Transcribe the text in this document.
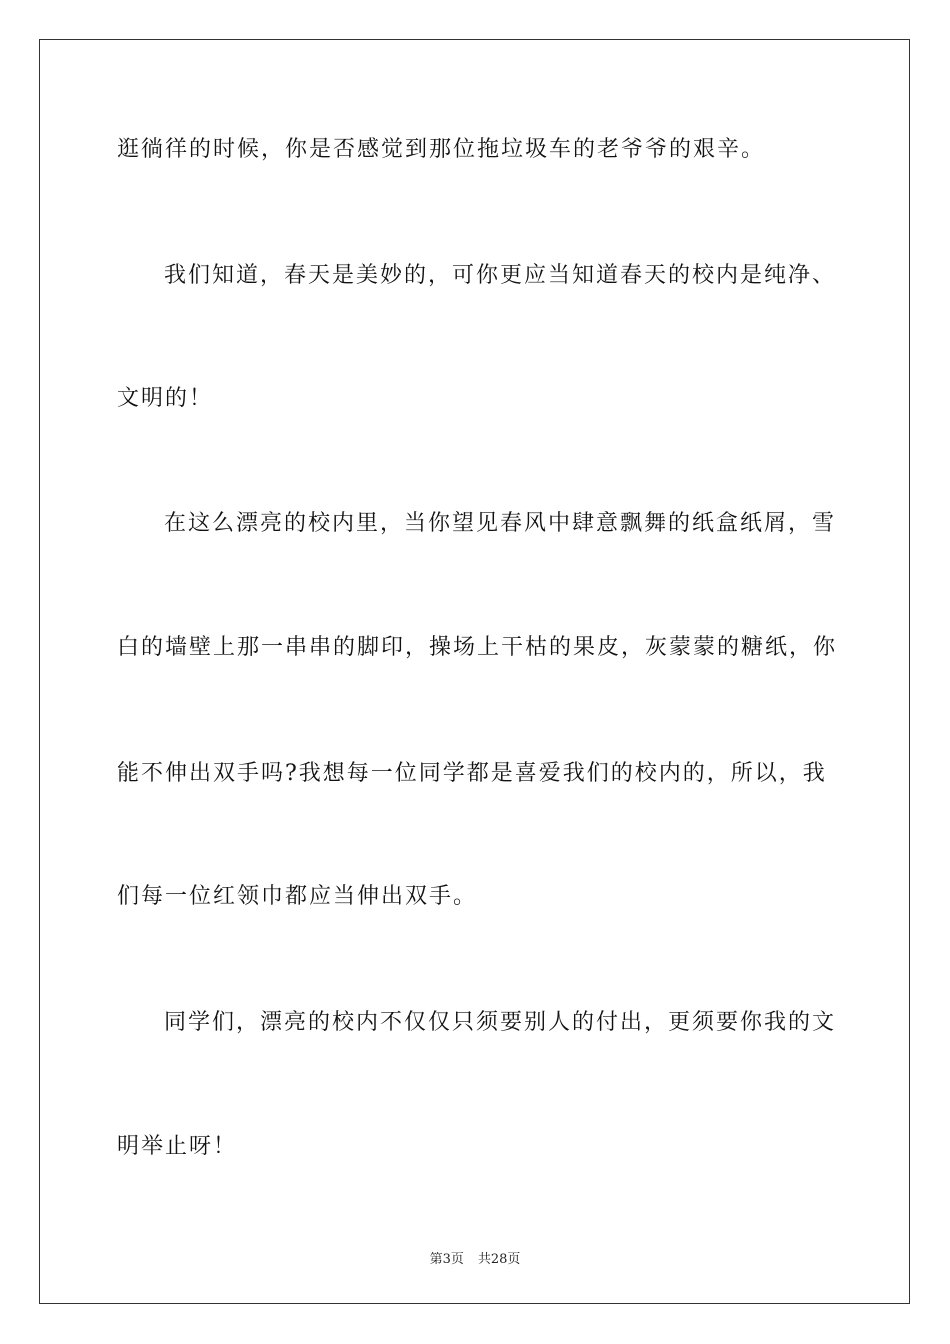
逛徜徉的时候，你是否感觉到那位拖垃圾车的老爷爷的艰辛。
我们知道，春天是美妙的，可你更应当知道春天的校内是纯净、
文明的！
在这么漂亮的校内里，当你望见春风中肆意飘舞的纸盒纸屑，雪
白的墙壁上那一串串的脚印，操场上干枯的果皮，灰蒙蒙的糖纸，你
能不伸出双手吗?我想每一位同学都是喜爱我们的校内的，所以，我
们每一位红领巾都应当伸出双手。
同学们，漂亮的校内不仅仅只须要别人的付出，更须要你我的文
明举止呀！
第3页 共28页
